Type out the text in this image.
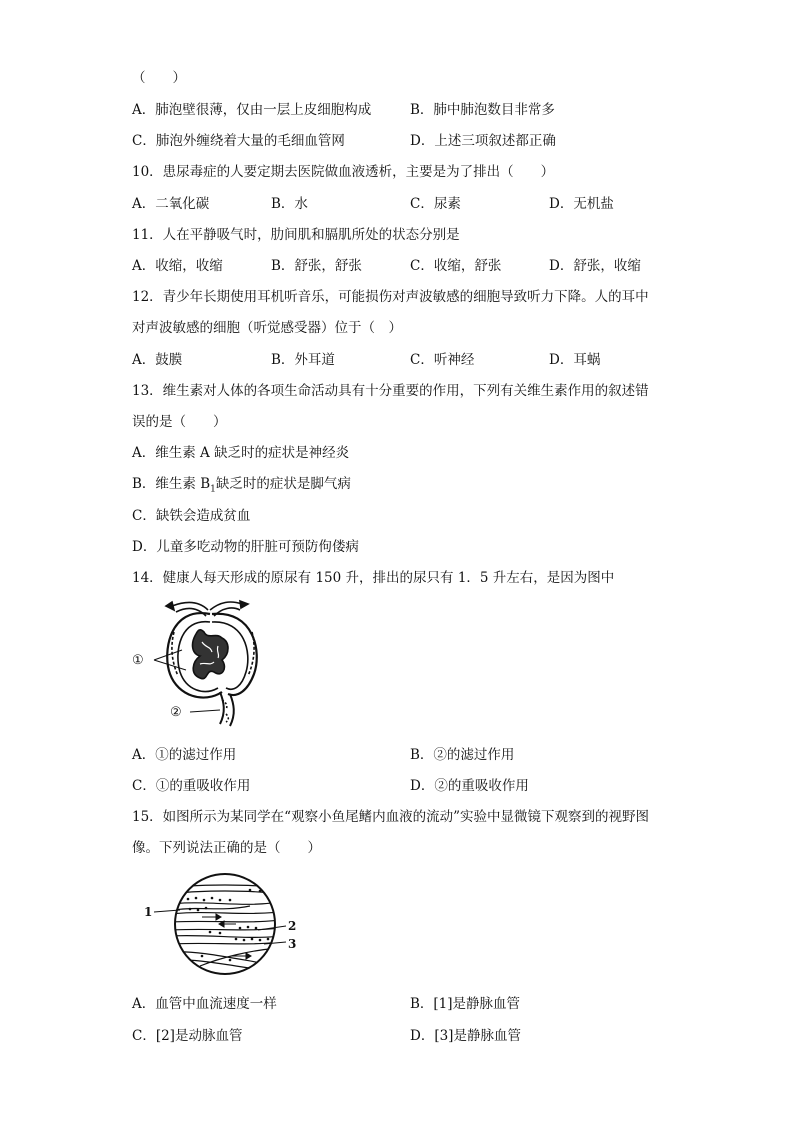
（　　）
A．肺泡壁很薄，仅由一层上皮细胞构成	B．肺中肺泡数目非常多
C．肺泡外缠绕着大量的毛细血管网	D．上述三项叙述都正确
10．患尿毒症的人要定期去医院做血液透析，主要是为了排出（　　）
A．二氧化碳	B．水	C．尿素	D．无机盐
11．人在平静吸气时，肋间肌和膈肌所处的状态分别是
A．收缩，收缩	B．舒张，舒张	C．收缩，舒张	D．舒张，收缩
12．青少年长期使用耳机听音乐，可能损伤对声波敏感的细胞导致听力下降。人的耳中
对声波敏感的细胞（听觉感受器）位于（　）
A．鼓膜	B．外耳道	C．听神经	D．耳蜗
13．维生素对人体的各项生命活动具有十分重要的作用，下列有关维生素作用的叙述错
误的是（　　）
A．维生素 A 缺乏时的症状是神经炎
B．维生素 $B_1$缺乏时的症状是脚气病
C．缺铁会造成贫血
D．儿童多吃动物的肝脏可预防佝偻病
14．健康人每天形成的原尿有 150 升，排出的尿只有 1．5 升左右，是因为图中
①
②
A．①的滤过作用	B．②的滤过作用
C．①的重吸收作用	D．②的重吸收作用
15．如图所示为某同学在“观察小鱼尾鳍内血液的流动”实验中显微镜下观察到的视野图
像。下列说法正确的是（　　）
1
2
3
A．血管中血流速度一样	B．[1]是静脉血管
C．[2]是动脉血管	D．[3]是静脉血管
